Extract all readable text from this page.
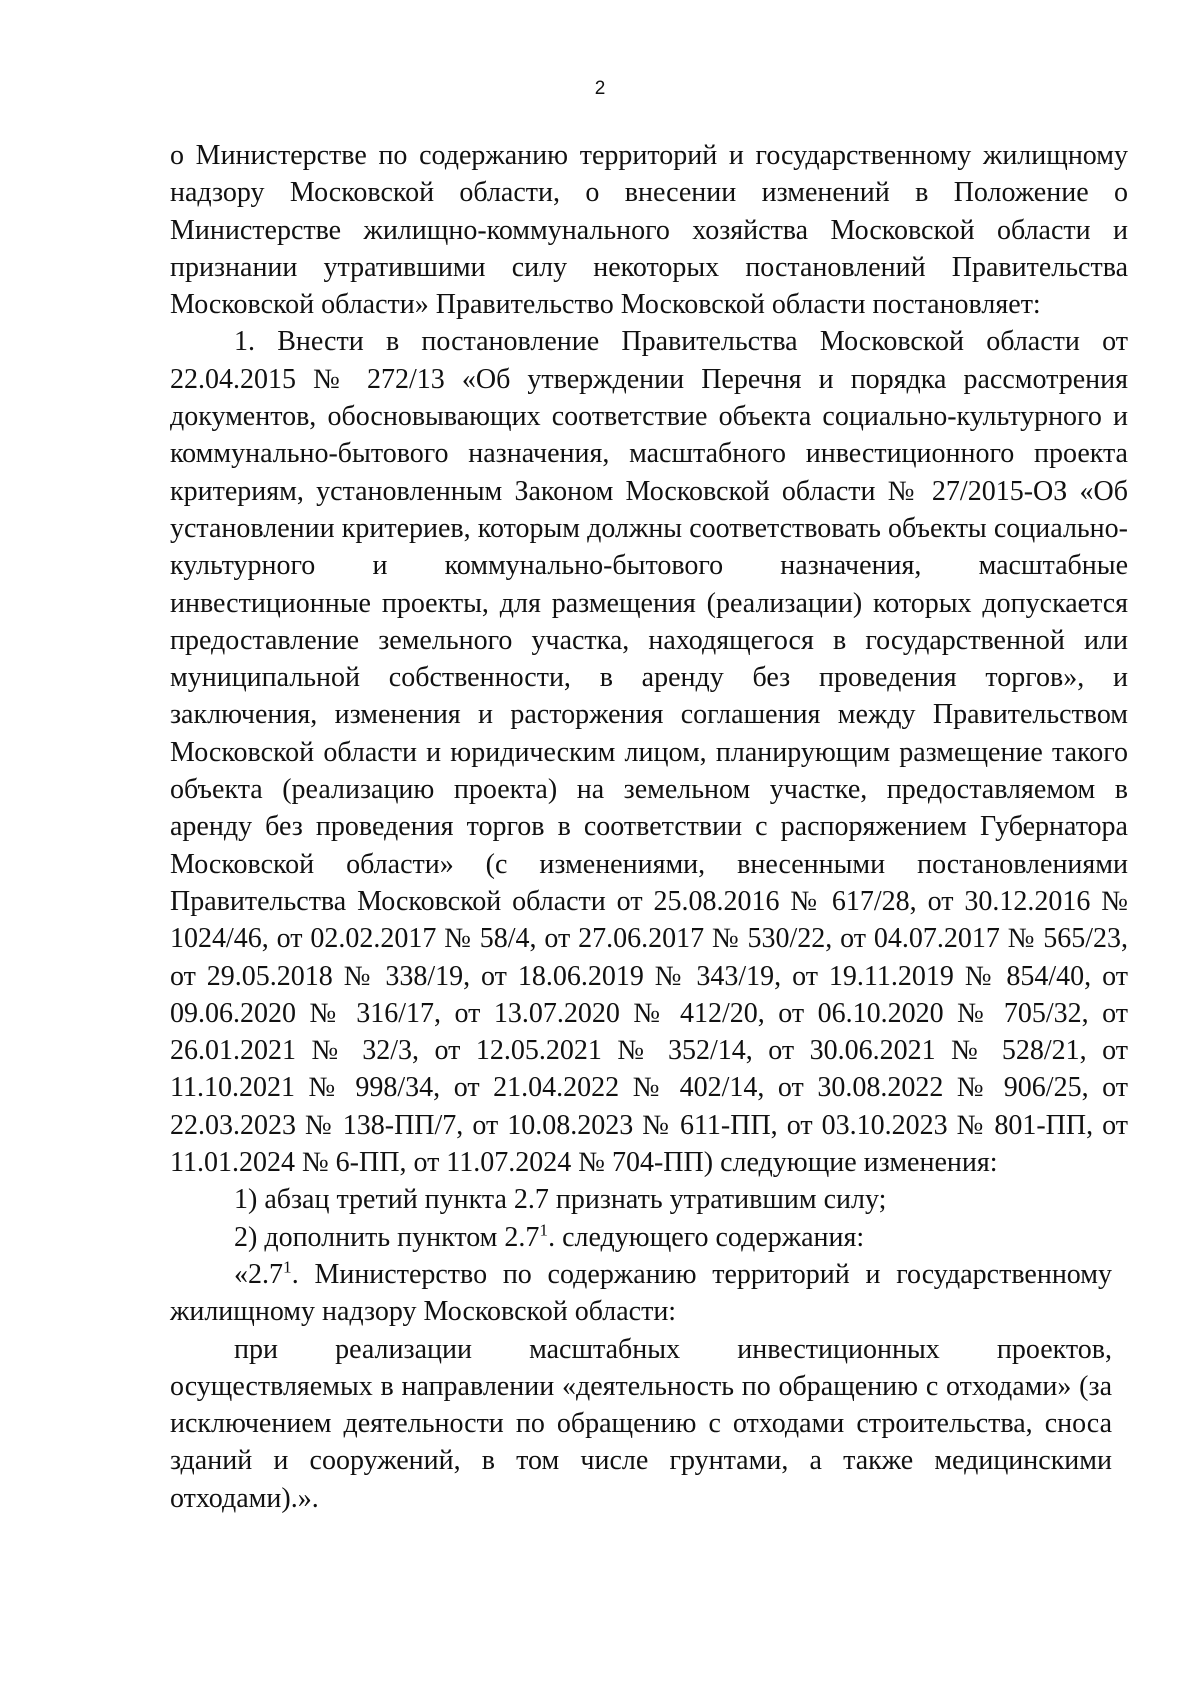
2

о Министерстве по содержанию территорий и государственному жилищному надзору Московской области, о внесении изменений в Положение о Министерстве жилищно-коммунального хозяйства Московской области и признании утратившими силу некоторых постановлений Правительства Московской области» Правительство Московской области постановляет:

1. Внести в постановление Правительства Московской области от 22.04.2015 № 272/13 «Об утверждении Перечня и порядка рассмотрения документов, обосновывающих соответствие объекта социально-культурного и коммунально-бытового назначения, масштабного инвестиционного проекта критериям, установленным Законом Московской области № 27/2015-ОЗ «Об установлении критериев, которым должны соответствовать объекты социально-культурного и коммунально-бытового назначения, масштабные инвестиционные проекты, для размещения (реализации) которых допускается предоставление земельного участка, находящегося в государственной или муниципальной собственности, в аренду без проведения торгов», и заключения, изменения и расторжения соглашения между Правительством Московской области и юридическим лицом, планирующим размещение такого объекта (реализацию проекта) на земельном участке, предоставляемом в аренду без проведения торгов в соответствии с распоряжением Губернатора Московской области» (с изменениями, внесенными постановлениями Правительства Московской области от 25.08.2016 № 617/28, от 30.12.2016 № 1024/46, от 02.02.2017 № 58/4, от 27.06.2017 № 530/22, от 04.07.2017 № 565/23, от 29.05.2018 № 338/19, от 18.06.2019 № 343/19, от 19.11.2019 № 854/40, от 09.06.2020 № 316/17, от 13.07.2020 № 412/20, от 06.10.2020 № 705/32, от 26.01.2021 № 32/3, от 12.05.2021 № 352/14, от 30.06.2021 № 528/21, от 11.10.2021 № 998/34, от 21.04.2022 № 402/14, от 30.08.2022 № 906/25, от 22.03.2023 № 138-ПП/7, от 10.08.2023 № 611-ПП, от 03.10.2023 № 801-ПП, от 11.01.2024 № 6-ПП, от 11.07.2024 № 704-ПП) следующие изменения:

1) абзац третий пункта 2.7 признать утратившим силу;

2) дополнить пунктом $2.7^1$. следующего содержания:

«$2.7^1$. Министерство по содержанию территорий и государственному жилищному надзору Московской области:

при реализации масштабных инвестиционных проектов, осуществляемых в направлении «деятельность по обращению с отходами» (за исключением деятельности по обращению с отходами строительства, сноса зданий и сооружений, в том числе грунтами, а также медицинскими отходами).».
